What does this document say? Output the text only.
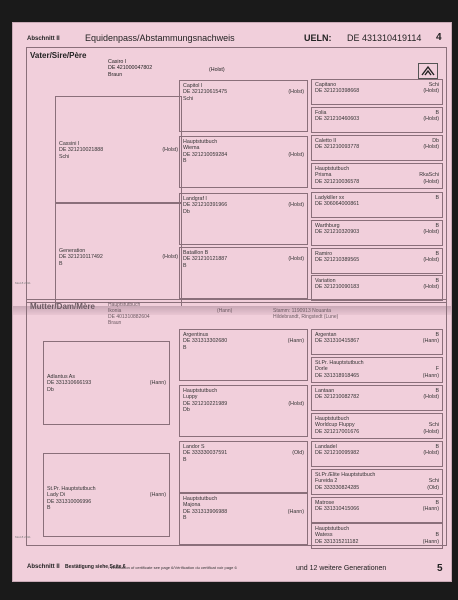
Abschnitt II	Equidenpass/Abstammungsnachweis	UELN: DE 431310419114 4
Vater/Sire/Père
Casiro I
DE 421000047802
Braun
(Holst)
Cassini I
DE 321210021888
Schi
(Holst)
Generation
DE 321210117492
B
(Holst)
Capitol I
DE 321210615475
Schi
(Holst)
Hauptstutbuch
Wiema
DE 321210059284
B
(Holst)
Landgraf I
DE 321210391966
Db
(Holst)
Bataillon B
DE 321210121887
B
(Holst)
Capitano
DE 321210398668	(Holst)
Schi
Folia
DE 321210460603	(Holst)
B
Caletto II
DE 321210093778	(Holst)
Db
Hauptstutbuch
Prisma
DE 321210036578	(Holst)
RkaSchi
Ladykiller xx
DE 306064000861
B
Warthburg
DE 321210320903	(Holst)
B
Ramiro
DE 321210389565	(Holst)
B
Variation
DE 321210090183	(Holst)
B
Mutter/Dam/Mère	Hauptstutbuch
Ikonia
DE 401310882604
Braun
(Hann)	Stamm: 1190913 Nouanta
Hildebrandt, Ringstedt (Lune)
Adlantus As
DE 331310666193
Db
(Hann)
St.Pr. Hauptstutbuch
Lady Di
DE 331310006996
B
(Hann)
Argentinus
DE 331313302680
B
(Hann)
Hauptstutbuch
Luppy
DE 321210221989
Db
(Holst)
Landor S
DE 333330037591
B
(Old)
Hauptstutbuch
Majona
DE 331313906988
B
(Hann)
Argentan
DE 331310415867	(Hann)
B
St.Pr. Hauptstutbuch
Dorle
DE 331318918465	(Hann)
F
Lantaan
DE 321210082782	(Holst)
B
Hauptstutbuch
Worldcup Fluppy
DE 321217001676	(Holst)
Schi
Landadel
DE 321210095982	(Holst)
B
St.Pr./Elite Hauptstutbuch
Fureida 2
DE 333330824285	(Old)
Schi
Matrose
DE 331310415066	(Hann)
B
Hauptstutbuch
Watess
DE 331315211182	(Hann)
B
Mod.8 2011
Mod.8 2011
Abschnitt II Bestätigung siehe Seite 6
/ Verification of certificate see page 6/Vérification du certificat voir page 6	und 12 weitere Generationen	5
